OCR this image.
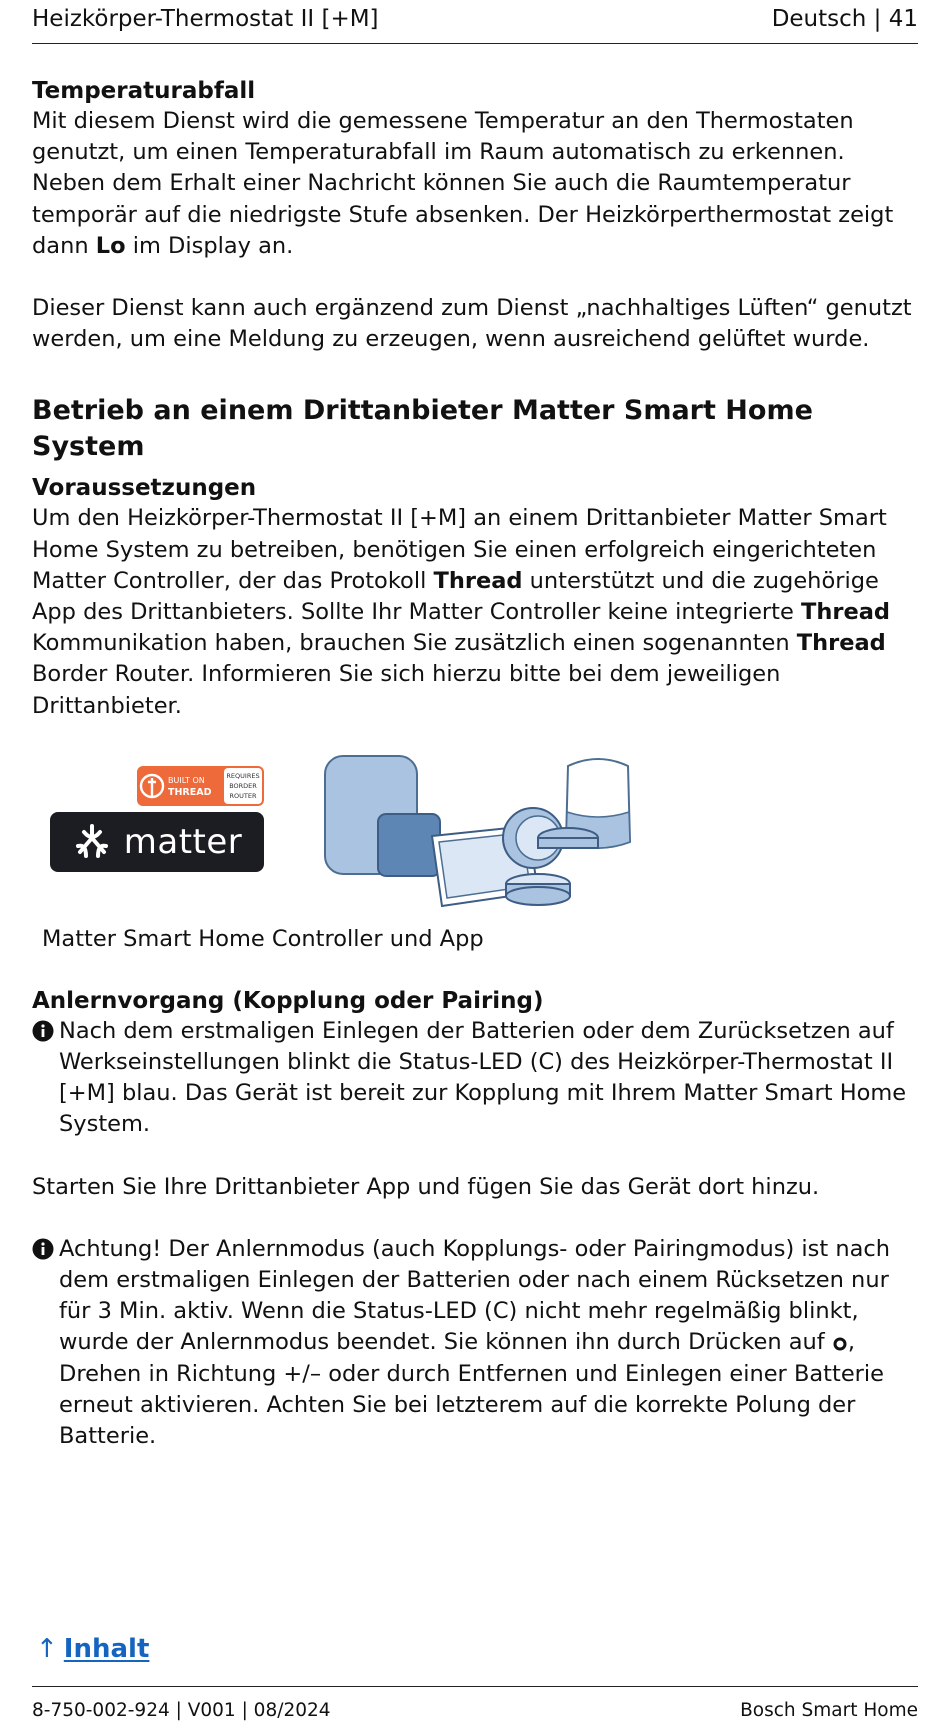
Heizkörper-Thermostat II [+M]	Deutsch | 41
Temperaturabfall
Mit diesem Dienst wird die gemessene Temperatur an den Thermostaten genutzt, um einen Temperaturabfall im Raum automatisch zu erkennen. Neben dem Erhalt einer Nachricht können Sie auch die Raumtemperatur temporär auf die niedrigste Stufe absenken. Der Heizkörperthermostat zeigt dann Lo im Display an.
Dieser Dienst kann auch ergänzend zum Dienst „nachhaltiges Lüften“ genutzt werden, um eine Meldung zu erzeugen, wenn ausreichend gelüftet wurde.
Betrieb an einem Drittanbieter Matter Smart Home System
Voraussetzungen
Um den Heizkörper-Thermostat II [+M] an einem Drittanbieter Matter Smart Home System zu betreiben, benötigen Sie einen erfolgreich eingerichteten Matter Controller, der das Protokoll Thread unterstützt und die zugehörige App des Drittanbieters. Sollte Ihr Matter Controller keine integrierte Thread Kommunikation haben, brauchen Sie zusätzlich einen sogenannten Thread Border Router. Informieren Sie sich hierzu bitte bei dem jeweiligen Drittanbieter.
BUILT ON
THREAD
REQUIRES
BORDER
ROUTER
matter
Matter Smart Home Controller und App
Anlernvorgang (Kopplung oder Pairing)
Nach dem erstmaligen Einlegen der Batterien oder dem Zurücksetzen auf Werkseinstellungen blinkt die Status-LED (C) des Heizkörper-Thermostat II [+M] blau. Das Gerät ist bereit zur Kopplung mit Ihrem Matter Smart Home System.
Starten Sie Ihre Drittanbieter App und fügen Sie das Gerät dort hinzu.
Achtung! Der Anlernmodus (auch Kopplungs- oder Pairingmodus) ist nach dem erstmaligen Einlegen der Batterien oder nach einem Rücksetzen nur für 3 Min. aktiv. Wenn die Status-LED (C) nicht mehr regelmäßig blinkt, wurde der Anlernmodus beendet. Sie können ihn durch Drücken auf , Drehen in Richtung +/– oder durch Entfernen und Einlegen einer Batterie erneut aktivieren. Achten Sie bei letzterem auf die korrekte Polung der Batterie.
↑ Inhalt
8-750-002-924 | V001 | 08/2024	Bosch Smart Home
